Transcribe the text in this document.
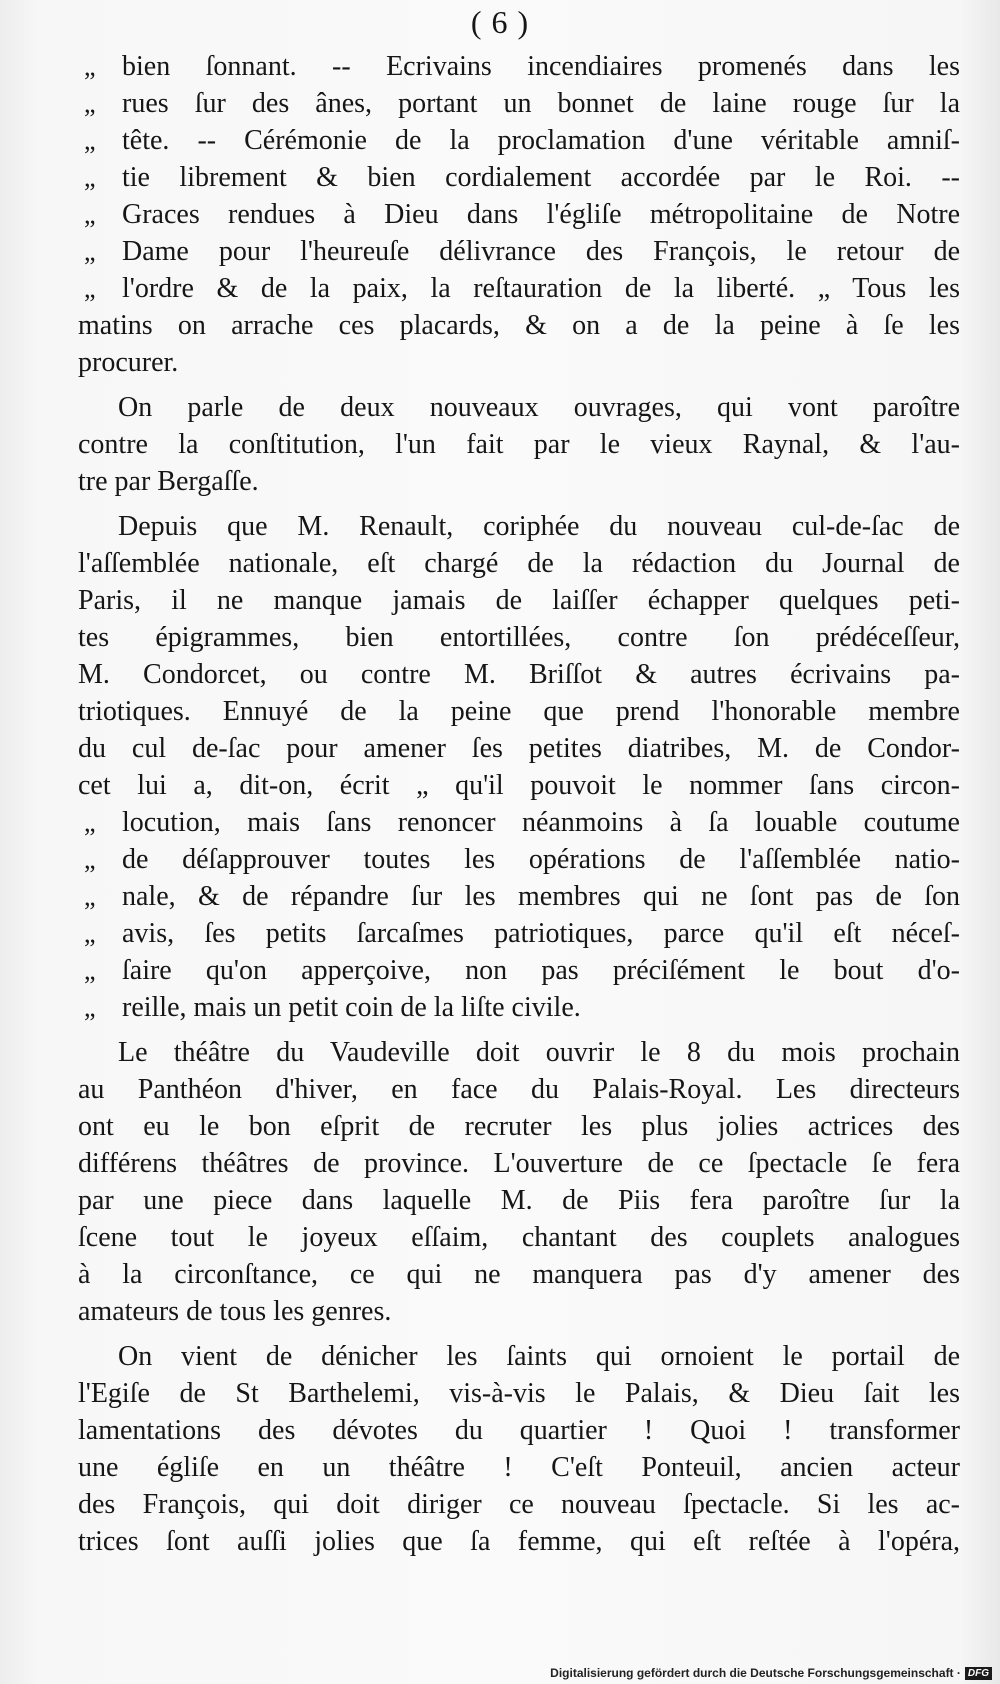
( 6 )
„ bien ſonnant. -- Ecrivains incendiaires promenés dans les
„ rues ſur des ânes, portant un bonnet de laine rouge ſur la
„ tête. -- Cérémonie de la proclamation d'une véritable amniſ-
„ tie librement & bien cordialement accordée par le Roi. --
„ Graces rendues à Dieu dans l'égliſe métropolitaine de Notre
„ Dame pour l'heureuſe délivrance des François, le retour de
„ l'ordre & de la paix, la reſtauration de la liberté. „ Tous les
matins on arrache ces placards, & on a de la peine à ſe les
procurer.
On parle de deux nouveaux ouvrages, qui vont paroître
contre la conſtitution, l'un fait par le vieux Raynal, & l'au-
tre par Bergaſſe.
Depuis que M. Renault, coriphée du nouveau cul-de-ſac de
l'aſſemblée nationale, eſt chargé de la rédaction du Journal de
Paris, il ne manque jamais de laiſſer échapper quelques peti-
tes épigrammes, bien entortillées, contre ſon prédéceſſeur,
M. Condorcet, ou contre M. Briſſot & autres écrivains pa-
triotiques. Ennuyé de la peine que prend l'honorable membre
du cul de-ſac pour amener ſes petites diatribes, M. de Condor-
cet lui a, dit-on, écrit „ qu'il pouvoit le nommer ſans circon-
„ locution, mais ſans renoncer néanmoins à ſa louable coutume
„ de déſapprouver toutes les opérations de l'aſſemblée natio-
„ nale, & de répandre ſur les membres qui ne ſont pas de ſon
„ avis, ſes petits ſarcaſmes patriotiques, parce qu'il eſt néceſ-
„ ſaire qu'on apperçoive, non pas préciſément le bout d'o-
„ reille, mais un petit coin de la liſte civile.
Le théâtre du Vaudeville doit ouvrir le 8 du mois prochain
au Panthéon d'hiver, en face du Palais-Royal. Les directeurs
ont eu le bon eſprit de recruter les plus jolies actrices des
différens théâtres de province. L'ouverture de ce ſpectacle ſe fera
par une piece dans laquelle M. de Piis fera paroître ſur la
ſcene tout le joyeux eſſaim, chantant des couplets analogues
à la circonſtance, ce qui ne manquera pas d'y amener des
amateurs de tous les genres.
On vient de dénicher les ſaints qui ornoient le portail de
l'Egiſe de St Barthelemi, vis-à-vis le Palais, & Dieu ſait les
lamentations des dévotes du quartier ! Quoi ! transformer
une égliſe en un théâtre ! C'eſt Ponteuil, ancien acteur
des François, qui doit diriger ce nouveau ſpectacle. Si les ac-
trices ſont auſſi jolies que ſa femme, qui eſt reſtée à l'opéra,
Digitalisierung gefördert durch die Deutsche Forschungsgemeinschaft · DFG
